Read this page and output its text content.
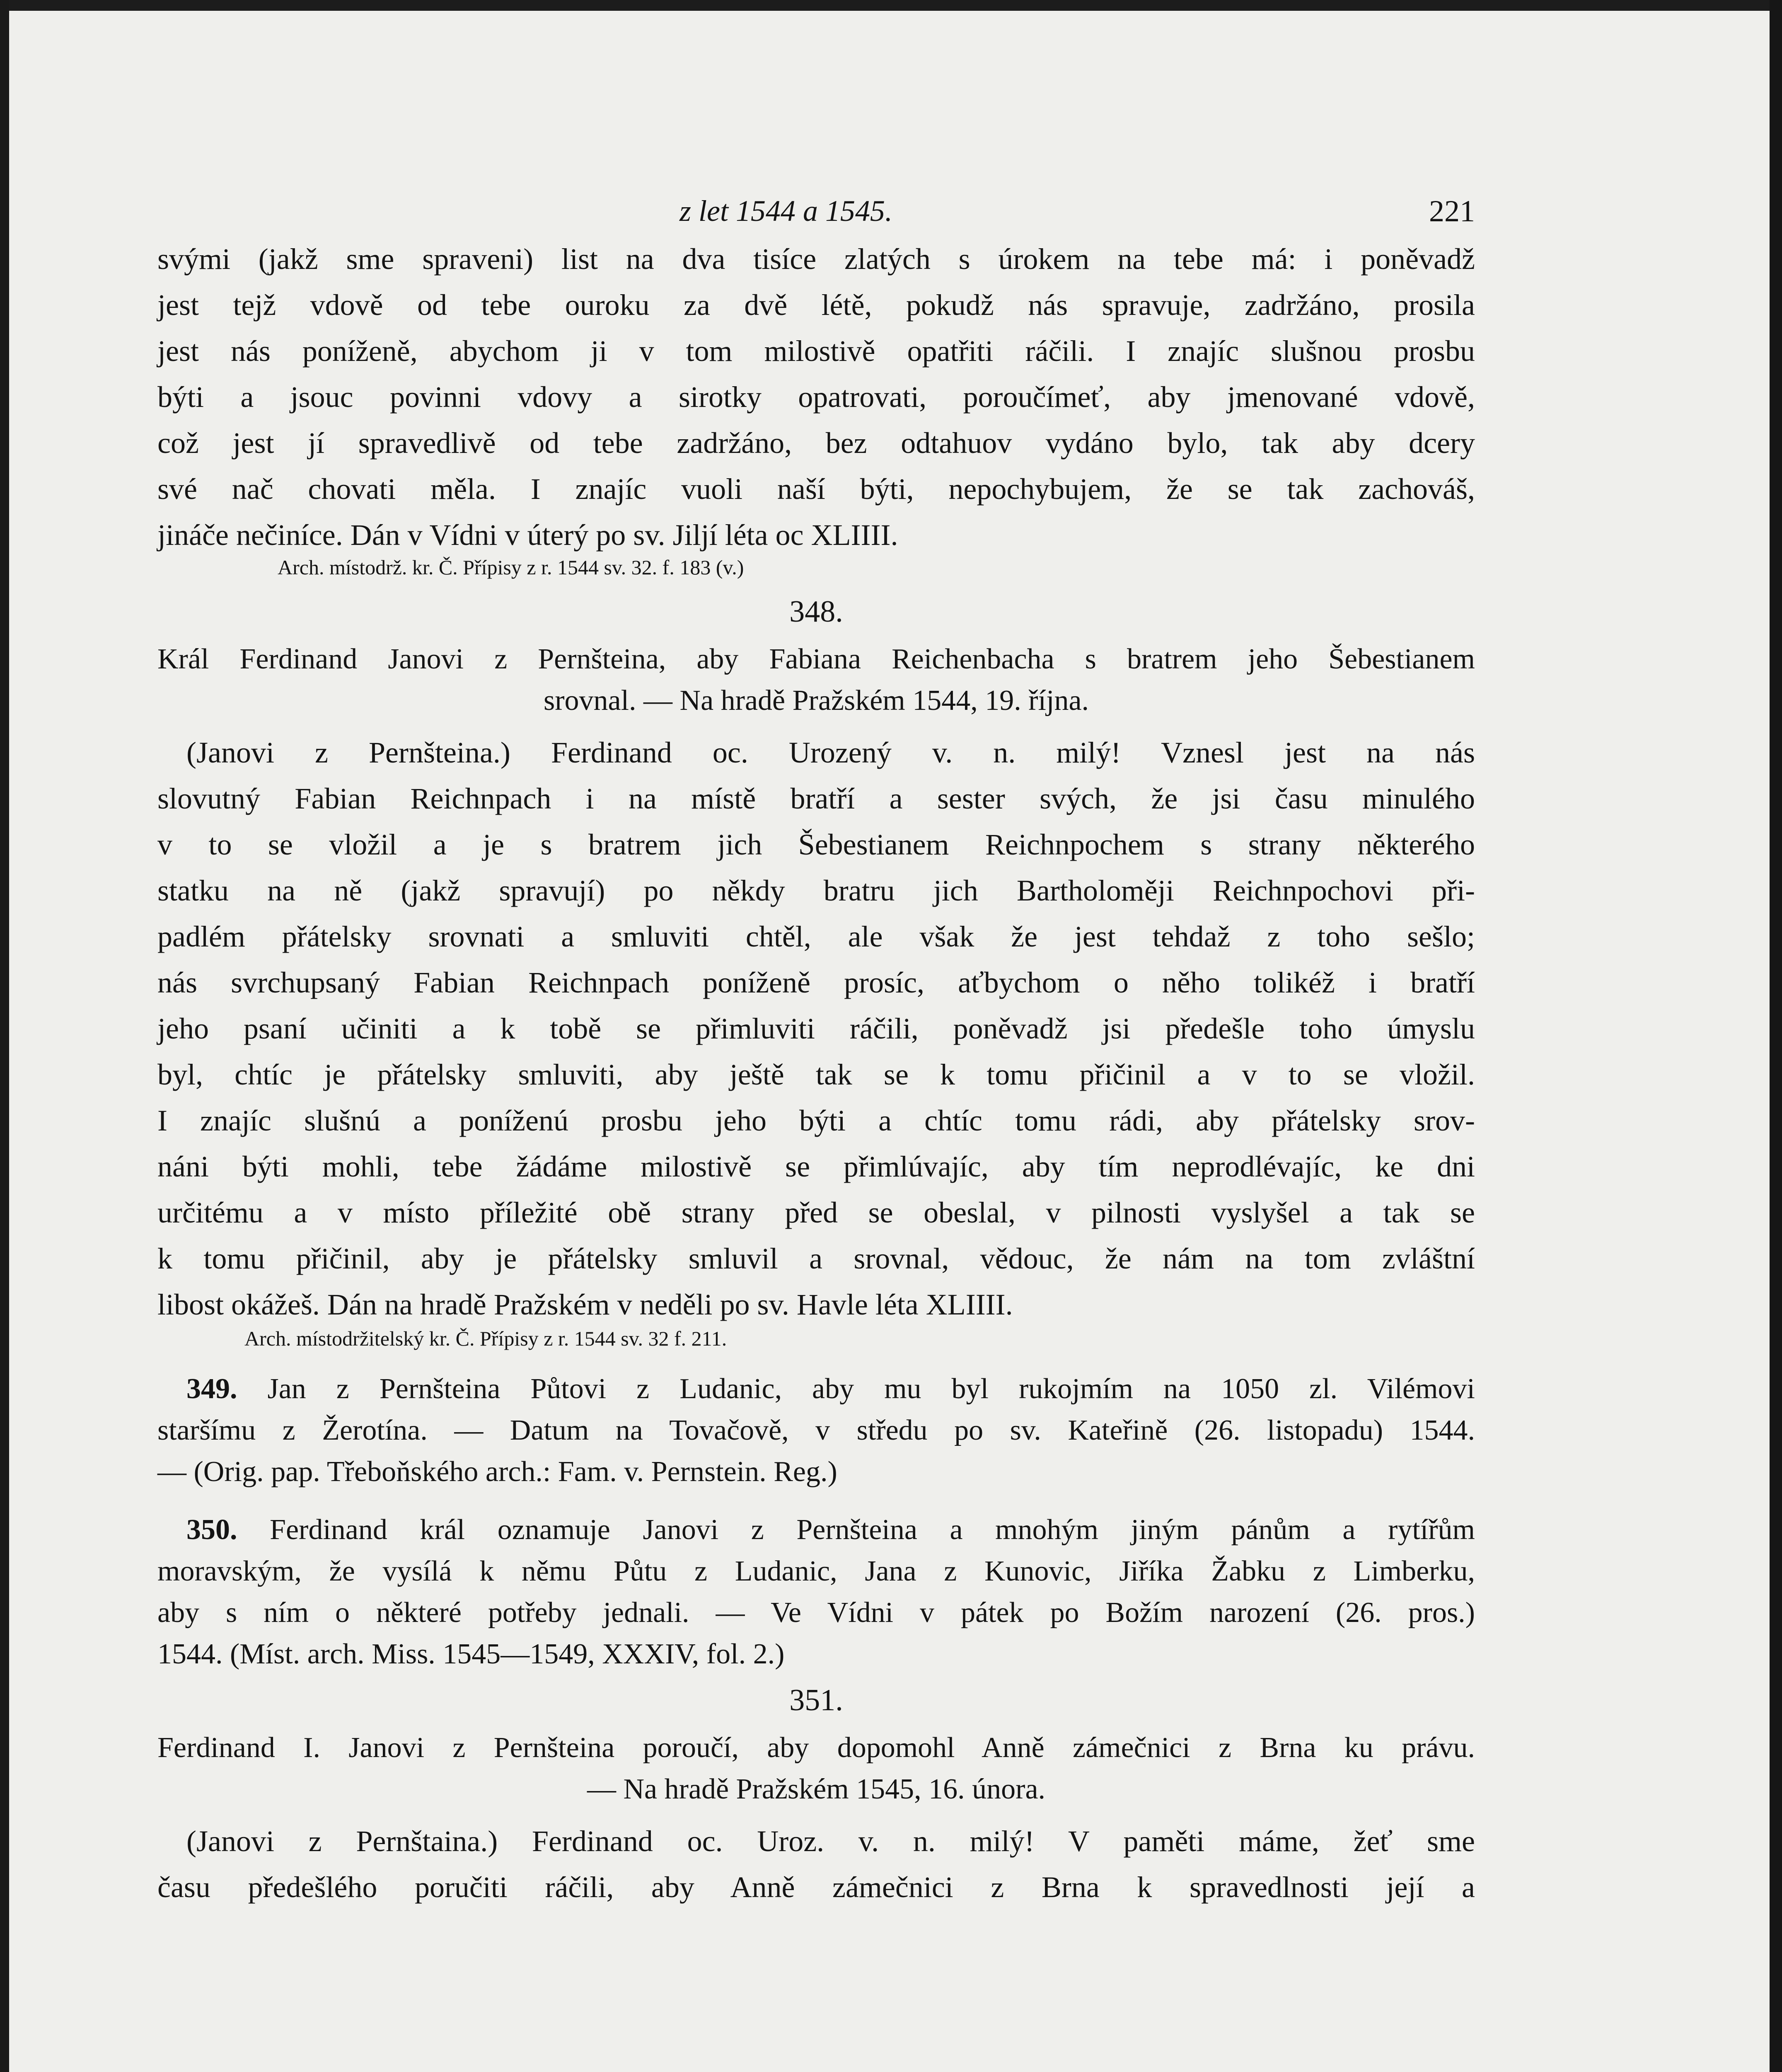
z let 1544 a 1545.	221
svými (jakž sme spraveni) list na dva tisíce zlatých s úrokem na tebe má: i poněvadž
jest tejž vdově od tebe ouroku za dvě létě, pokudž nás spravuje, zadržáno, prosila
jest nás poníženě, abychom ji v tom milostivě opatřiti ráčili. I znajíc slušnou prosbu
býti a jsouc povinni vdovy a sirotky opatrovati, poroučímeť, aby jmenované vdově,
což jest jí spravedlivě od tebe zadržáno, bez odtahuov vydáno bylo, tak aby dcery
své nač chovati měla. I znajíc vuoli naší býti, nepochybujem, že se tak zachováš,
jináče nečiníce. Dán v Vídni v úterý po sv. Jiljí léta oc XLIIII.
Arch. místodrž. kr. Č. Přípisy z r. 1544 sv. 32. f. 183 (v.)
348.
Král Ferdinand Janovi z Pernšteina, aby Fabiana Reichenbacha s bratrem jeho Šebestianem
srovnal. — Na hradě Pražském 1544, 19. října.
(Janovi z Pernšteina.) Ferdinand oc. Urozený v. n. milý! Vznesl jest na nás
slovutný Fabian Reichnpach i na místě bratří a sester svých, že jsi času minulého
v to se vložil a je s bratrem jich Šebestianem Reichnpochem s strany některého
statku na ně (jakž spravují) po někdy bratru jich Bartholoměji Reichnpochovi při-
padlém přátelsky srovnati a smluviti chtěl, ale však že jest tehdaž z toho sešlo;
nás svrchupsaný Fabian Reichnpach poníženě prosíc, aťbychom o něho tolikéž i bratří
jeho psaní učiniti a k tobě se přimluviti ráčili, poněvadž jsi předešle toho úmyslu
byl, chtíc je přátelsky smluviti, aby ještě tak se k tomu přičinil a v to se vložil.
I znajíc slušnú a poníženú prosbu jeho býti a chtíc tomu rádi, aby přátelsky srov-
náni býti mohli, tebe žádáme milostivě se přimlúvajíc, aby tím neprodlévajíc, ke dni
určitému a v místo příležité obě strany před se obeslal, v pilnosti vyslyšel a tak se
k tomu přičinil, aby je přátelsky smluvil a srovnal, vědouc, že nám na tom zvláštní
libost okážeš. Dán na hradě Pražském v neděli po sv. Havle léta XLIIII.
Arch. místodržitelský kr. Č. Přípisy z r. 1544 sv. 32 f. 211.
349. Jan z Pernšteina Půtovi z Ludanic, aby mu byl rukojmím na 1050 zl. Vilémovi
staršímu z Žerotína. — Datum na Tovačově, v středu po sv. Kateřině (26. listopadu) 1544.
— (Orig. pap. Třeboňského arch.: Fam. v. Pernstein. Reg.)
350. Ferdinand král oznamuje Janovi z Pernšteina a mnohým jiným pánům a rytířům
moravským, že vysílá k němu Půtu z Ludanic, Jana z Kunovic, Jiříka Žabku z Limberku,
aby s ním o některé potřeby jednali. — Ve Vídni v pátek po Božím narození (26. pros.)
1544. (Míst. arch. Miss. 1545—1549, XXXIV, fol. 2.)
351.
Ferdinand I. Janovi z Pernšteina poroučí, aby dopomohl Anně zámečnici z Brna ku právu.
— Na hradě Pražském 1545, 16. února.
(Janovi z Pernštaina.) Ferdinand oc. Uroz. v. n. milý! V paměti máme, žeť sme
času předešlého poručiti ráčili, aby Anně zámečnici z Brna k spravedlnosti její a
